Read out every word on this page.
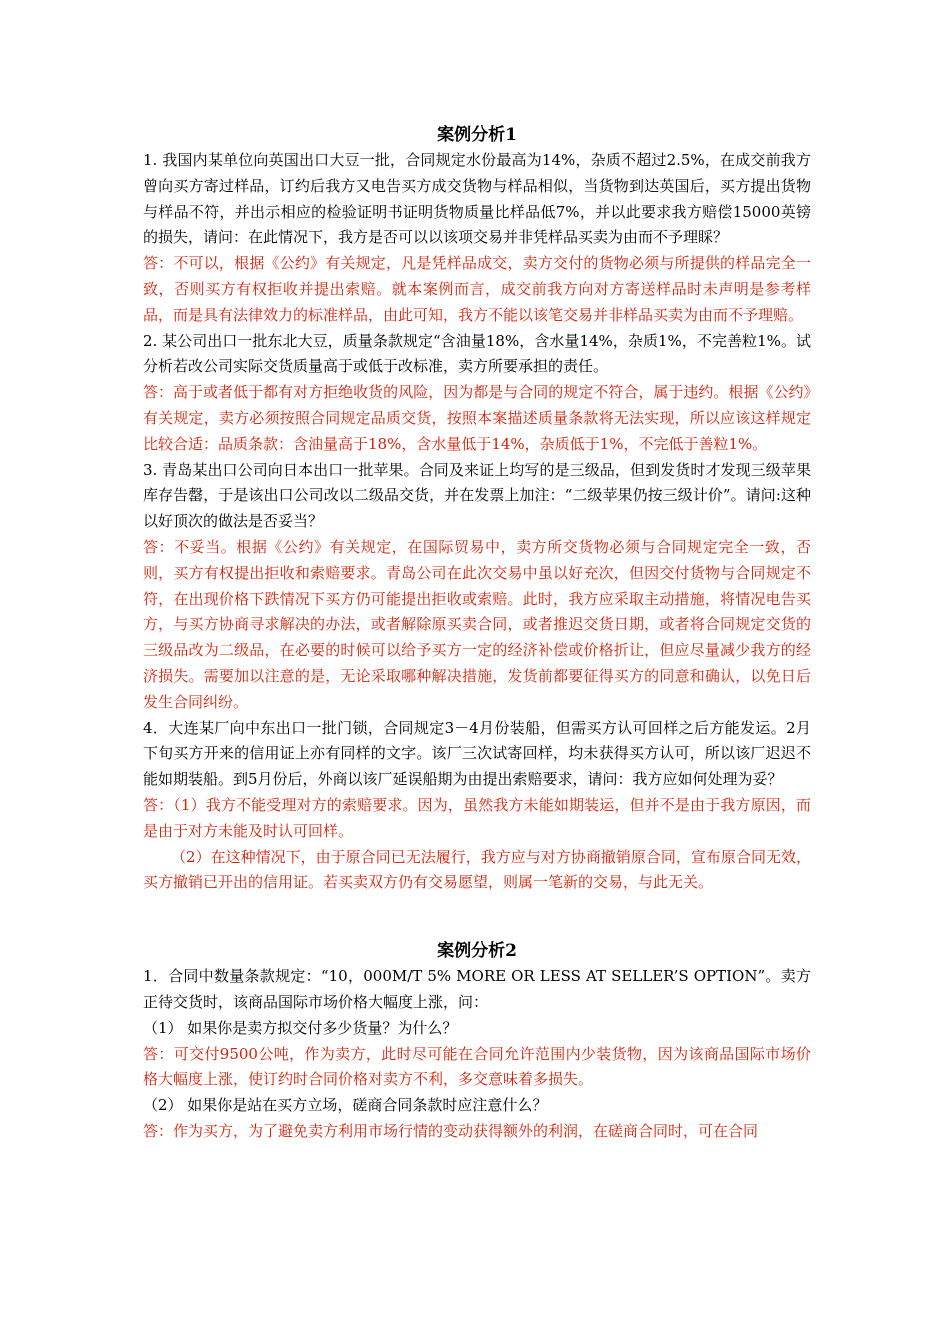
案例分析1

1. 我国内某单位向英国出口大豆一批，合同规定水份最高为14%，杂质不超过2.5%，在成交前我方曾向买方寄过样品，订约后我方又电告买方成交货物与样品相似，当货物到达英国后，买方提出货物与样品不符，并出示相应的检验证明书证明货物质量比样品低7%，并以此要求我方赔偿15000英镑的损失，请问：在此情况下，我方是否可以以该项交易并非凭样品买卖为由而不予理睬？

答：不可以，根据《公约》有关规定，凡是凭样品成交，卖方交付的货物必须与所提供的样品完全一致，否则买方有权拒收并提出索赔。就本案例而言，成交前我方向对方寄送样品时未声明是参考样品，而是具有法律效力的标准样品，由此可知，我方不能以该笔交易并非样品买卖为由而不予理赔。

2. 某公司出口一批东北大豆，质量条款规定“含油量18%，含水量14%，杂质1%，不完善粒1%。试分析若改公司实际交货质量高于或低于改标准，卖方所要承担的责任。

答：高于或者低于都有对方拒绝收货的风险，因为都是与合同的规定不符合，属于违约。根据《公约》有关规定，卖方必须按照合同规定品质交货，按照本案描述质量条款将无法实现，所以应该这样规定比较合适：品质条款：含油量高于18%，含水量低于14%，杂质低于1%，不完低于善粒1%。

3. 青岛某出口公司向日本出口一批苹果。合同及来证上均写的是三级品，但到发货时才发现三级苹果库存告罄，于是该出口公司改以二级品交货，并在发票上加注：“二级苹果仍按三级计价”。请问:这种以好顶次的做法是否妥当？

答：不妥当。根据《公约》有关规定，在国际贸易中，卖方所交货物必须与合同规定完全一致，否则，买方有权提出拒收和索赔要求。青岛公司在此次交易中虽以好充次，但因交付货物与合同规定不符，在出现价格下跌情况下买方仍可能提出拒收或索赔。此时，我方应采取主动措施，将情况电告买方，与买方协商寻求解决的办法，或者解除原买卖合同，或者推迟交货日期，或者将合同规定交货的三级品改为二级品，在必要的时候可以给予买方一定的经济补偿或价格折让，但应尽量减少我方的经济损失。需要加以注意的是，无论采取哪种解决措施，发货前都要征得买方的同意和确认，以免日后发生合同纠纷。

4．大连某厂向中东出口一批门锁，合同规定3－4月份装船，但需买方认可回样之后方能发运。2月下旬买方开来的信用证上亦有同样的文字。该厂三次试寄回样，均未获得买方认可，所以该厂迟迟不能如期装船。到5月份后，外商以该厂延误船期为由提出索赔要求，请问：我方应如何处理为妥？

答：（1）我方不能受理对方的索赔要求。因为，虽然我方未能如期装运，但并不是由于我方原因，而是由于对方未能及时认可回样。

（2）在这种情况下，由于原合同已无法履行，我方应与对方协商撤销原合同，宣布原合同无效，买方撤销已开出的信用证。若买卖双方仍有交易愿望，则属一笔新的交易，与此无关。

案例分析2

1．合同中数量条款规定：“10，000M/T 5% MORE OR LESS AT SELLER’S OPTION”。卖方正待交货时，该商品国际市场价格大幅度上涨，问：

（1） 如果你是卖方拟交付多少货量？为什么？

答：可交付9500公吨，作为卖方，此时尽可能在合同允许范围内少装货物，因为该商品国际市场价格大幅度上涨，使订约时合同价格对卖方不利，多交意味着多损失。

（2） 如果你是站在买方立场，磋商合同条款时应注意什么？

答：作为买方，为了避免卖方利用市场行情的变动获得额外的利润，在磋商合同时，可在合同
